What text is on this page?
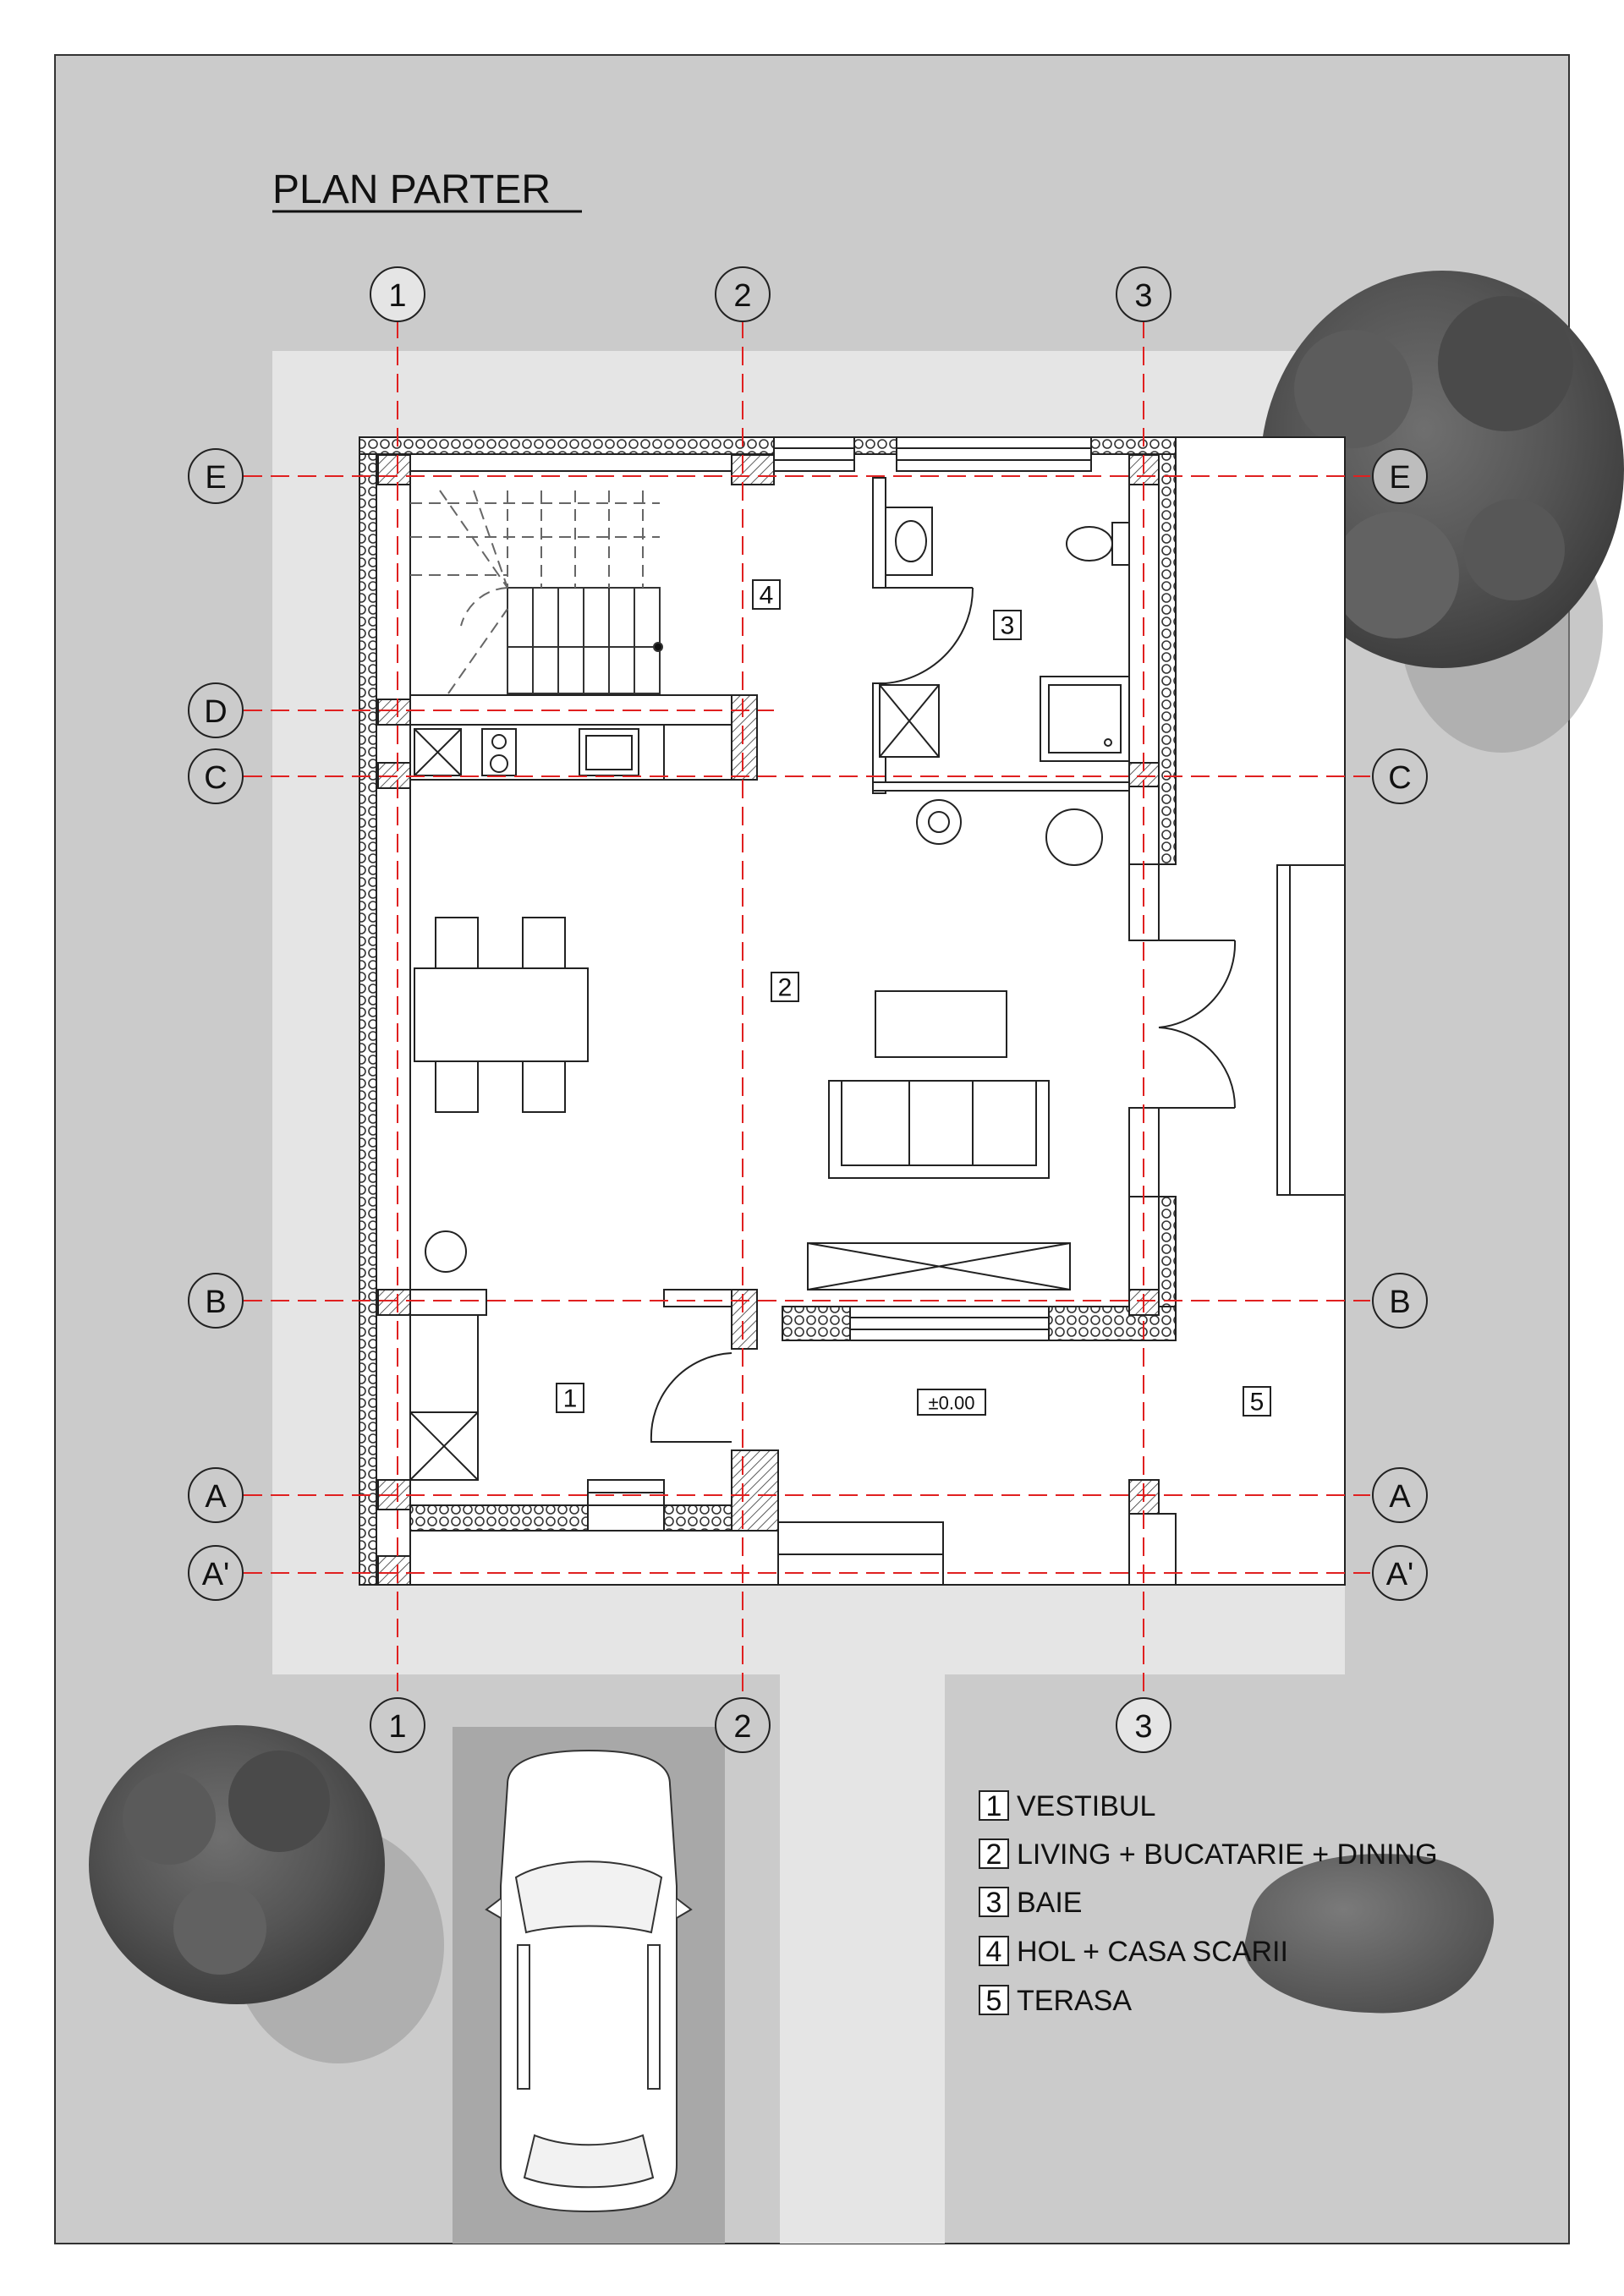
1	2	3
1	2	3
E
D
C
B
A
A'
E
C
B
A
A'
4
3
2
1	5
±0.00
PLAN PARTER
1 VESTIBUL
2 LIVING + BUCATARIE + DINING
3 BAIE
4 HOL + CASA SCARII
5 TERASA
